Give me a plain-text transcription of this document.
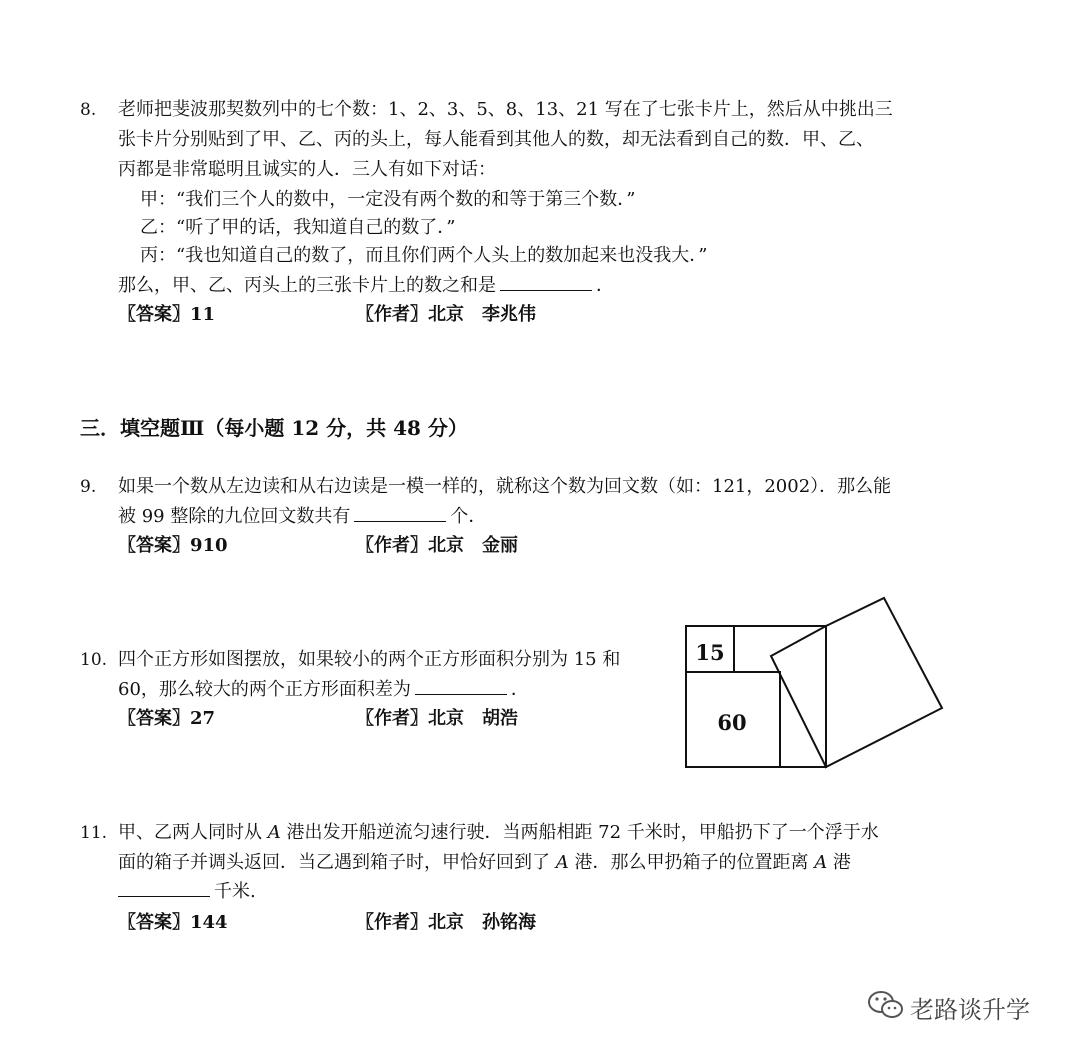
8. 老师把斐波那契数列中的七个数：1、2、3、5、8、13、21 写在了七张卡片上，然后从中挑出三
张卡片分别贴到了甲、乙、丙的头上，每人能看到其他人的数，却无法看到自己的数．甲、乙、
丙都是非常聪明且诚实的人．三人有如下对话：
甲：“我们三个人的数中，一定没有两个数的和等于第三个数．”
乙：“听了甲的话，我知道自己的数了．”
丙：“我也知道自己的数了，而且你们两个人头上的数加起来也没我大．”
那么，甲、乙、丙头上的三张卡片上的数之和是	．
〖答案〗11	〖作者〗北京　李兆伟
三．填空题Ⅲ（每小题 12 分，共 48 分）
9. 如果一个数从左边读和从右边读是一模一样的，就称这个数为回文数（如：121，2002）．那么能
被 99 整除的九位回文数共有	个．
〖答案〗910	〖作者〗北京　金丽
10. 四个正方形如图摆放，如果较小的两个正方形面积分别为 15 和
60，那么较大的两个正方形面积差为	．
〖答案〗27	〖作者〗北京　胡浩
15
60
11. 甲、乙两人同时从 A 港出发开船逆流匀速行驶．当两船相距 72 千米时，甲船扔下了一个浮于水
面的箱子并调头返回．当乙遇到箱子时，甲恰好回到了 A 港．那么甲扔箱子的位置距离 A 港
千米.
〖答案〗144	〖作者〗北京　孙铭海
老路谈升学
